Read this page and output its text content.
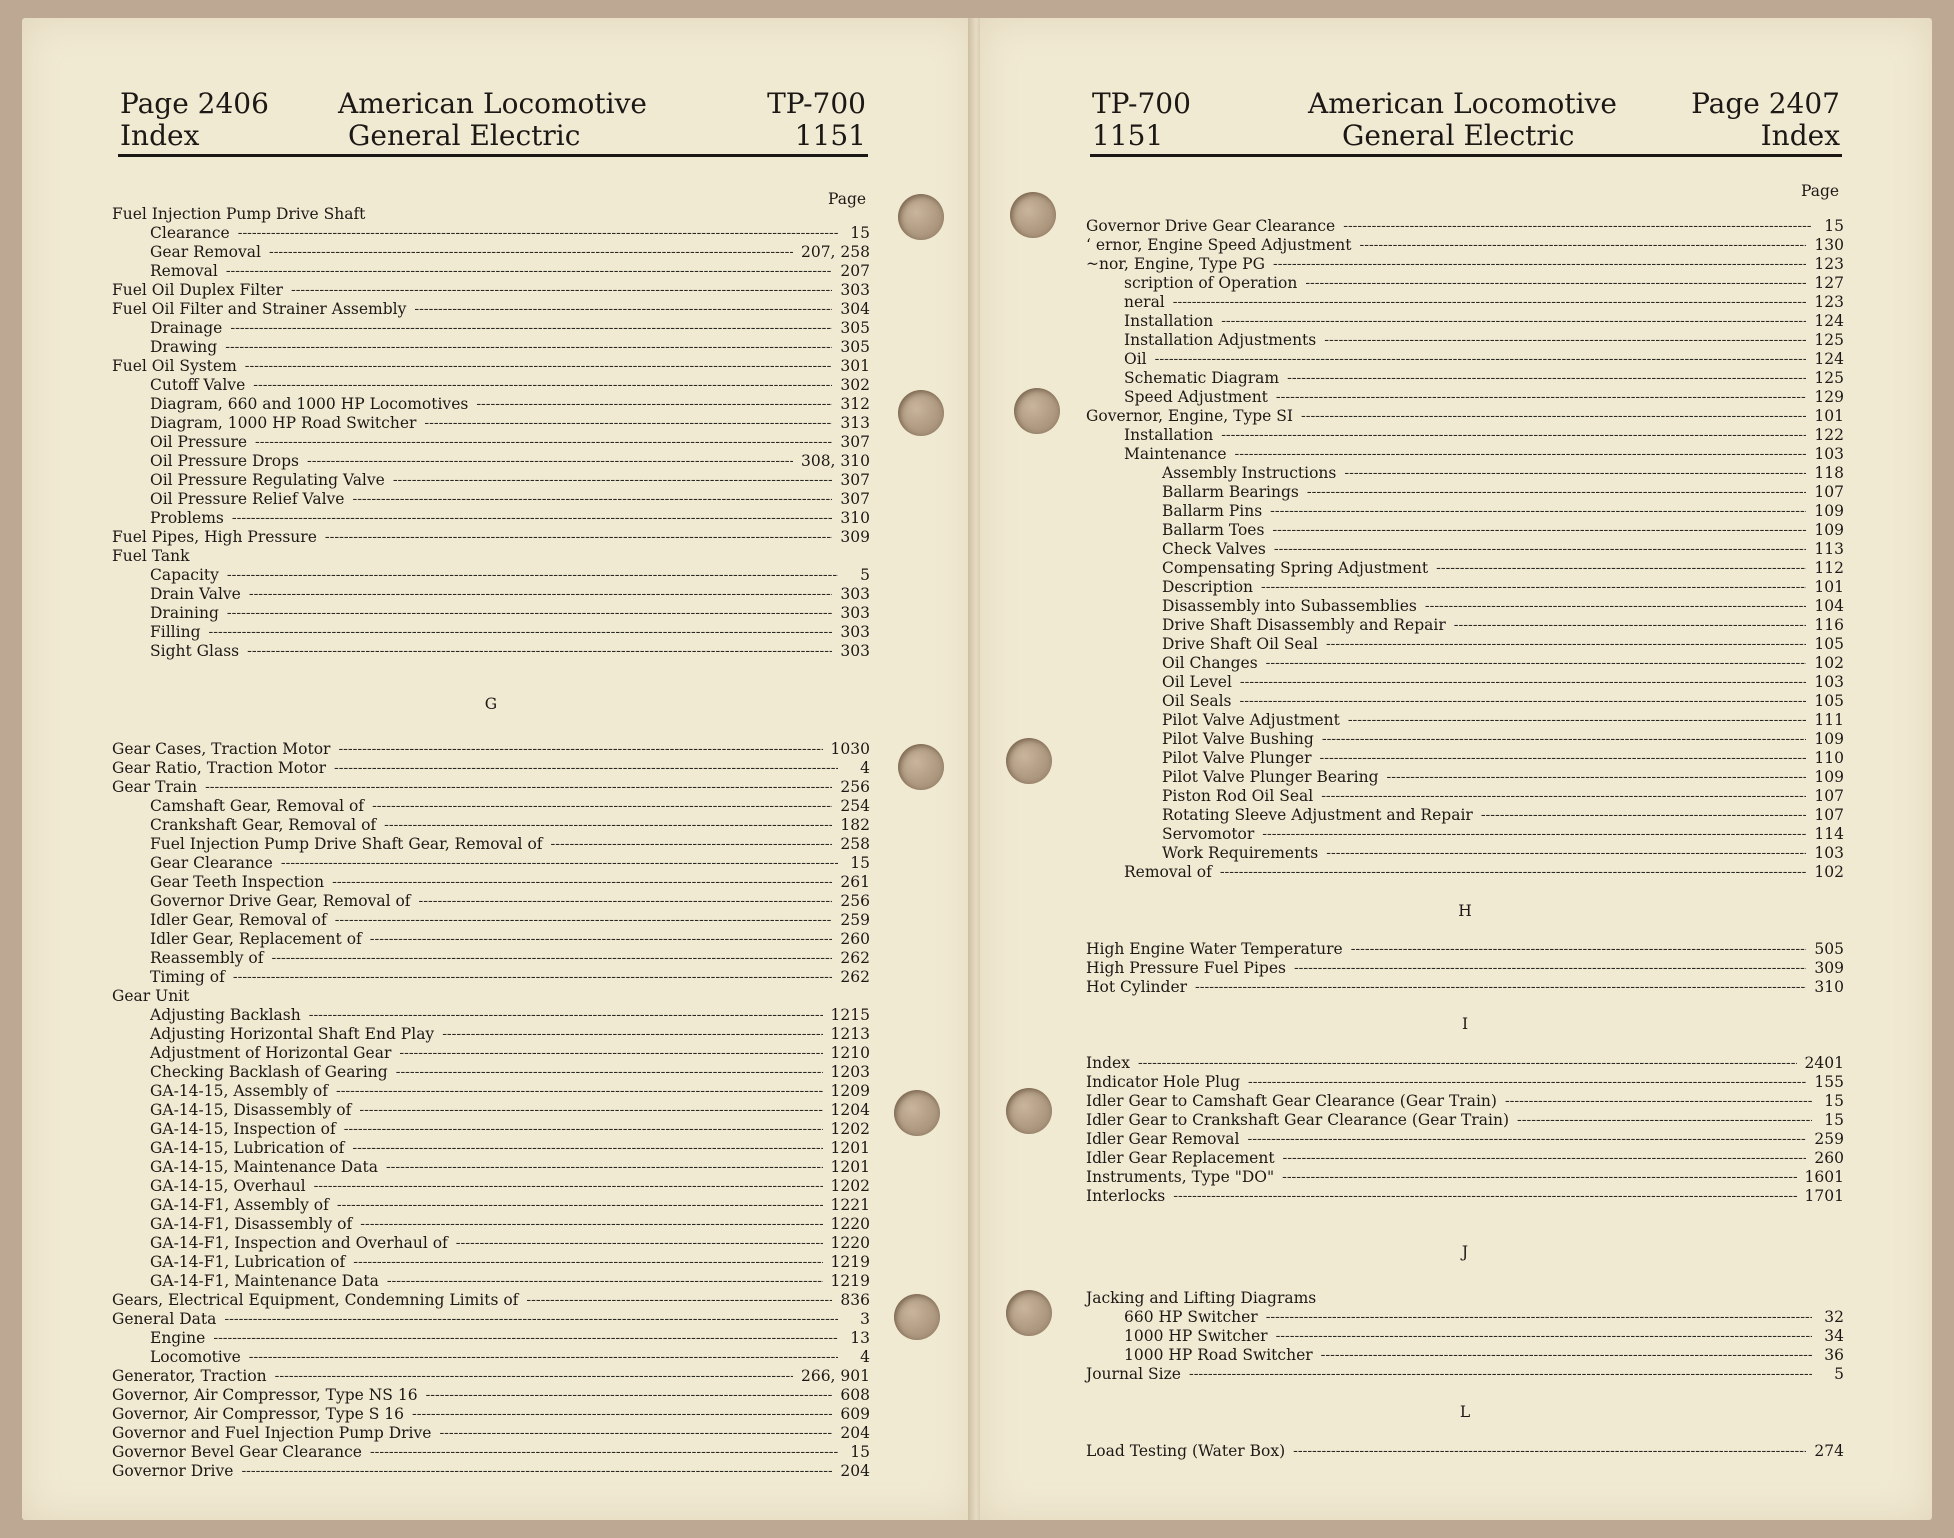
Page 2406
Index
American Locomotive
General Electric
TP-700
1151
TP-700
1151
American Locomotive
General Electric
Page 2407
Index
Page	Page
Fuel Injection Pump Drive Shaft
Clearance -----	15
Gear Removal -----	207, 258
Removal -----	207
Fuel Oil Duplex Filter -----	303
Fuel Oil Filter and Strainer Assembly -----	304
Drainage -----	305
Drawing -----	305
Fuel Oil System -----	301
Cutoff Valve -----	302
Diagram, 660 and 1000 HP Locomotives -----	312
Diagram, 1000 HP Road Switcher -----	313
Oil Pressure -----	307
Oil Pressure Drops -----	308, 310
Oil Pressure Regulating Valve -----	307
Oil Pressure Relief Valve -----	307
Problems -----	310
Fuel Pipes, High Pressure -----	309
Fuel Tank
Capacity -----	5
Drain Valve -----	303
Draining -----	303
Filling -----	303
Sight Glass -----	303
G
Gear Cases, Traction Motor -----	1030
Gear Ratio, Traction Motor -----	4
Gear Train -----	256
Camshaft Gear, Removal of -----	254
Crankshaft Gear, Removal of -----	182
Fuel Injection Pump Drive Shaft Gear, Removal of -----	258
Gear Clearance -----	15
Gear Teeth Inspection -----	261
Governor Drive Gear, Removal of -----	256
Idler Gear, Removal of -----	259
Idler Gear, Replacement of -----	260
Reassembly of -----	262
Timing of -----	262
Gear Unit
Adjusting Backlash -----	1215
Adjusting Horizontal Shaft End Play -----	1213
Adjustment of Horizontal Gear -----	1210
Checking Backlash of Gearing -----	1203
GA-14-15, Assembly of -----	1209
GA-14-15, Disassembly of -----	1204
GA-14-15, Inspection of -----	1202
GA-14-15, Lubrication of -----	1201
GA-14-15, Maintenance Data -----	1201
GA-14-15, Overhaul -----	1202
GA-14-F1, Assembly of -----	1221
GA-14-F1, Disassembly of -----	1220
GA-14-F1, Inspection and Overhaul of -----	1220
GA-14-F1, Lubrication of -----	1219
GA-14-F1, Maintenance Data -----	1219
Gears, Electrical Equipment, Condemning Limits of -----	836
General Data -----	3
Engine -----	13
Locomotive -----	4
Generator, Traction -----	266, 901
Governor, Air Compressor, Type NS 16 -----	608
Governor, Air Compressor, Type S 16 -----	609
Governor and Fuel Injection Pump Drive -----	204
Governor Bevel Gear Clearance -----	15
Governor Drive -----	204
Governor Drive Gear Clearance -----	15
ʻ ernor, Engine Speed Adjustment -----	130
~nor, Engine, Type PG -----	123
scription of Operation -----	127
neral -----	123
Installation -----	124
Installation Adjustments -----	125
Oil -----	124
Schematic Diagram -----	125
Speed Adjustment -----	129
Governor, Engine, Type SI -----	101
Installation -----	122
Maintenance -----	103
Assembly Instructions -----	118
Ballarm Bearings -----	107
Ballarm Pins -----	109
Ballarm Toes -----	109
Check Valves -----	113
Compensating Spring Adjustment -----	112
Description -----	101
Disassembly into Subassemblies -----	104
Drive Shaft Disassembly and Repair -----	116
Drive Shaft Oil Seal -----	105
Oil Changes -----	102
Oil Level -----	103
Oil Seals -----	105
Pilot Valve Adjustment -----	111
Pilot Valve Bushing -----	109
Pilot Valve Plunger -----	110
Pilot Valve Plunger Bearing -----	109
Piston Rod Oil Seal -----	107
Rotating Sleeve Adjustment and Repair -----	107
Servomotor -----	114
Work Requirements -----	103
Removal of -----	102
H
High Engine Water Temperature -----	505
High Pressure Fuel Pipes -----	309
Hot Cylinder -----	310
I
Index -----	2401
Indicator Hole Plug -----	155
Idler Gear to Camshaft Gear Clearance (Gear Train) -----	15
Idler Gear to Crankshaft Gear Clearance (Gear Train) -----	15
Idler Gear Removal -----	259
Idler Gear Replacement -----	260
Instruments, Type "DO" -----	1601
Interlocks -----	1701
J
Jacking and Lifting Diagrams
660 HP Switcher -----	32
1000 HP Switcher -----	34
1000 HP Road Switcher -----	36
Journal Size -----	5
L
Load Testing (Water Box) -----	274
